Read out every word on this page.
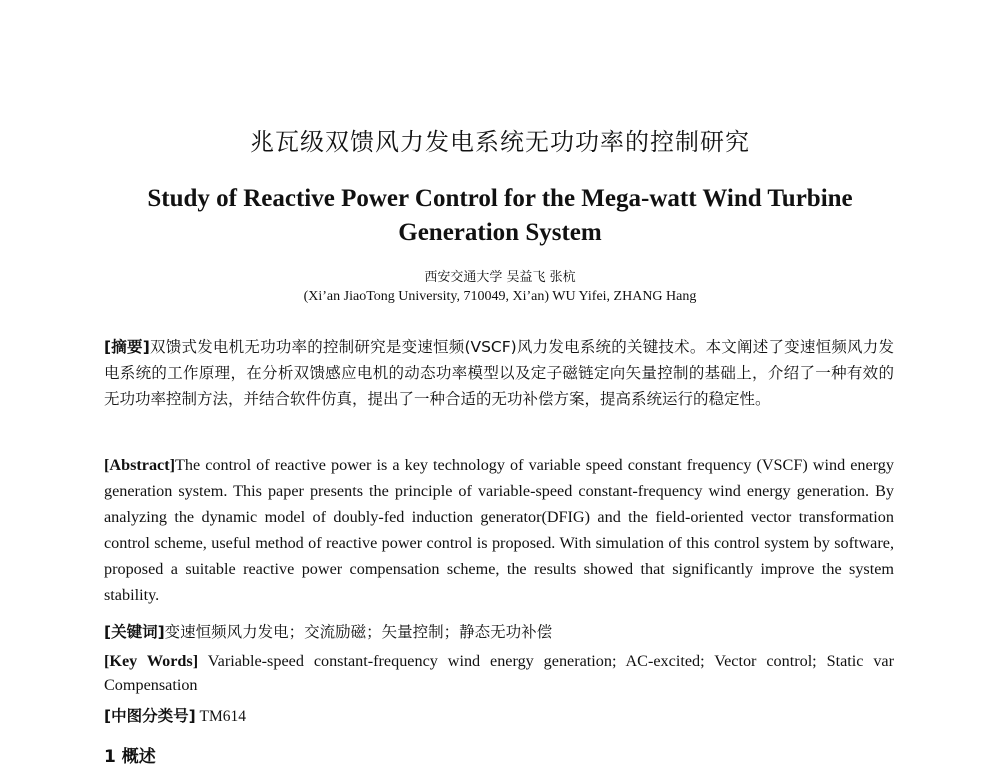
兆瓦级双馈风力发电系统无功功率的控制研究
Study of Reactive Power Control for the Mega-watt Wind Turbine Generation System
西安交通大学 吴益飞 张杭
(Xi’an JiaoTong University, 710049, Xi’an) WU Yifei, ZHANG Hang
[摘要]双馈式发电机无功功率的控制研究是变速恒频(VSCF)风力发电系统的关键技术。本文阐述了变速恒频风力发电系统的工作原理，在分析双馈感应电机的动态功率模型以及定子磁链定向矢量控制的基础上，介绍了一种有效的无功功率控制方法，并结合软件仿真，提出了一种合适的无功补偿方案，提高系统运行的稳定性。
[Abstract]The control of reactive power is a key technology of variable speed constant frequency (VSCF) wind energy generation system. This paper presents the principle of variable-speed constant-frequency wind energy generation. By analyzing the dynamic model of doubly-fed induction generator(DFIG) and the field-oriented vector transformation control scheme, useful method of reactive power control is proposed. With simulation of this control system by software, proposed a suitable reactive power compensation scheme, the results showed that significantly improve the system stability.
[关键词]变速恒频风力发电；交流励磁；矢量控制；静态无功补偿
[Key Words] Variable-speed constant-frequency wind energy generation; AC-excited; Vector control; Static var Compensation
[中图分类号] TM614
1 概述
